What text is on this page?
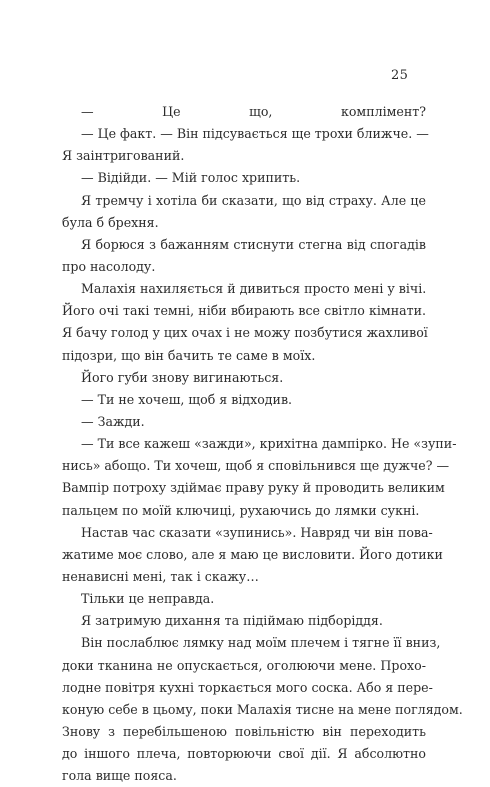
25
— Це що, комплімент?
— Це факт. — Він підсувається ще трохи ближче. —
Я заінтригований.
— Відійди. — Мій голос хрипить.
Я тремчу і хотіла би сказати, що від страху. Але це
була б брехня.
Я борюся з бажанням стиснути стегна від спогадів
про насолоду.
Малахія нахиляється й дивиться просто мені у вічі.
Його очі такі темні, ніби вбирають все світло кімнати.
Я бачу голод у цих очах і не можу позбутися жахливої
підозри, що він бачить те саме в моїх.
Його губи знову вигинаються.
— Ти не хочеш, щоб я відходив.
— Зажди.
— Ти все кажеш «зажди», крихітна дампірко. Не «зупи-
нись» абощо. Ти хочеш, щоб я сповільнився ще дужче? —
Вампір потроху здіймає праву руку й проводить великим
пальцем по моїй ключиці, рухаючись до лямки сукні.
Настав час сказати «зупинись». Навряд чи він пова-
жатиме моє слово, але я маю це висловити. Його дотики
ненависні мені, так і скажу…
Тільки це неправда.
Я затримую дихання та підіймаю підборіддя.
Він послаблює лямку над моїм плечем і тягне її вниз,
доки тканина не опускається, оголюючи мене. Прохо-
лодне повітря кухні торкається мого соска. Або я пере-
коную себе в цьому, поки Малахія тисне на мене поглядом.
Зновy з перебільшеною повільністю він переходить
до іншого плеча, повторюючи свої дії. Я абсолютно
гола вище пояса.
